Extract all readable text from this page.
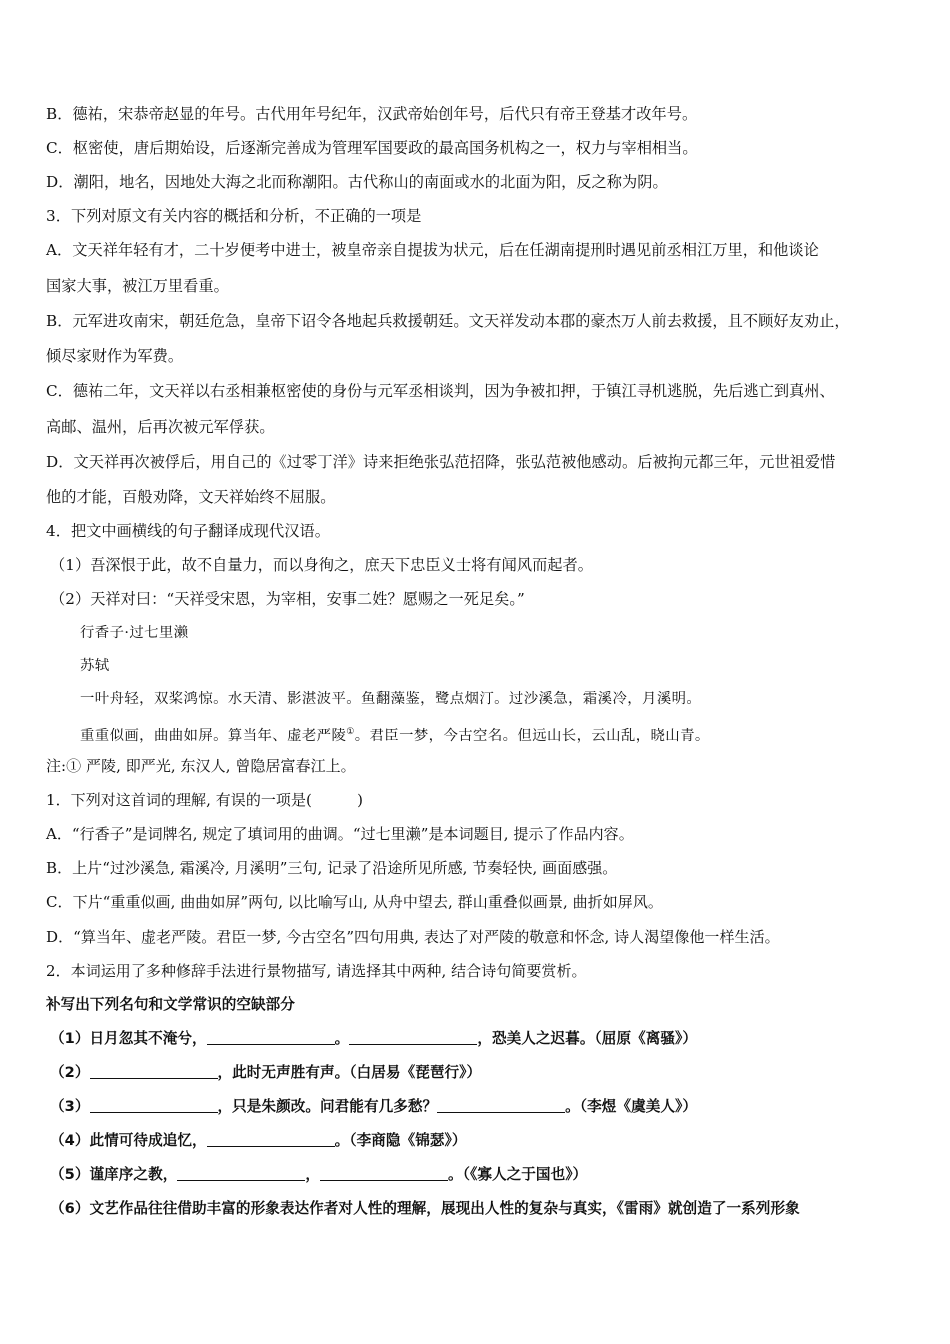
B．德祐，宋恭帝赵显的年号。古代用年号纪年，汉武帝始创年号，后代只有帝王登基才改年号。
C．枢密使，唐后期始设，后逐渐完善成为管理军国要政的最高国务机构之一，权力与宰相相当。
D．潮阳，地名，因地处大海之北而称潮阳。古代称山的南面或水的北面为阳，反之称为阴。
3．下列对原文有关内容的概括和分析，不正确的一项是
A．文天祥年轻有才，二十岁便考中进士，被皇帝亲自提拔为状元，后在任湖南提刑时遇见前丞相江万里，和他谈论
国家大事，被江万里看重。
B．元军进攻南宋，朝廷危急，皇帝下诏令各地起兵救援朝廷。文天祥发动本郡的豪杰万人前去救援，且不顾好友劝止，
倾尽家财作为军费。
C．德祐二年，文天祥以右丞相兼枢密使的身份与元军丞相谈判，因为争被扣押，于镇江寻机逃脱，先后逃亡到真州、
高邮、温州，后再次被元军俘获。
D．文天祥再次被俘后，用自己的《过零丁洋》诗来拒绝张弘范招降，张弘范被他感动。后被拘元都三年，元世祖爱惜
他的才能，百般劝降，文天祥始终不屈服。
4．把文中画横线的句子翻译成现代汉语。
（1）吾深恨于此，故不自量力，而以身徇之，庶天下忠臣义士将有闻风而起者。
（2）天祥对曰：“天祥受宋恩，为宰相，安事二姓？愿赐之一死足矣。”
行香子·过七里濑
苏轼
一叶舟轻，双桨鸿惊。水天清、影湛波平。鱼翻藻鉴，鹭点烟汀。过沙溪急，霜溪冷，月溪明。
重重似画，曲曲如屏。算当年、虚老严陵①。君臣一梦，今古空名。但远山长，云山乱，晓山青。
注:① 严陵, 即严光, 东汉人, 曾隐居富春江上。
1．下列对这首词的理解, 有误的一项是(　　　)
A．“行香子”是词牌名, 规定了填词用的曲调。“过七里濑”是本词题目, 提示了作品内容。
B．上片“过沙溪急, 霜溪冷, 月溪明”三句, 记录了沿途所见所感, 节奏轻快, 画面感强。
C．下片“重重似画, 曲曲如屏”两句, 以比喻写山, 从舟中望去, 群山重叠似画景, 曲折如屏风。
D．“算当年、虚老严陵。君臣一梦, 今古空名”四句用典, 表达了对严陵的敬意和怀念, 诗人渴望像他一样生活。
2．本词运用了多种修辞手法进行景物描写, 请选择其中两种, 结合诗句简要赏析。
补写出下列名句和文学常识的空缺部分
（1）日月忽其不淹兮，	。	，恐美人之迟暮。（屈原《离骚》）
（2）	，此时无声胜有声。（白居易《琵琶行》）
（3）	，只是朱颜改。问君能有几多愁？	。（李煜《虞美人》）
（4）此情可待成追忆，	。（李商隐《锦瑟》）
（5）谨庠序之教，	，	。（《寡人之于国也》）
（6）文艺作品往往借助丰富的形象表达作者对人性的理解，展现出人性的复杂与真实，《雷雨》就创造了一系列形象
